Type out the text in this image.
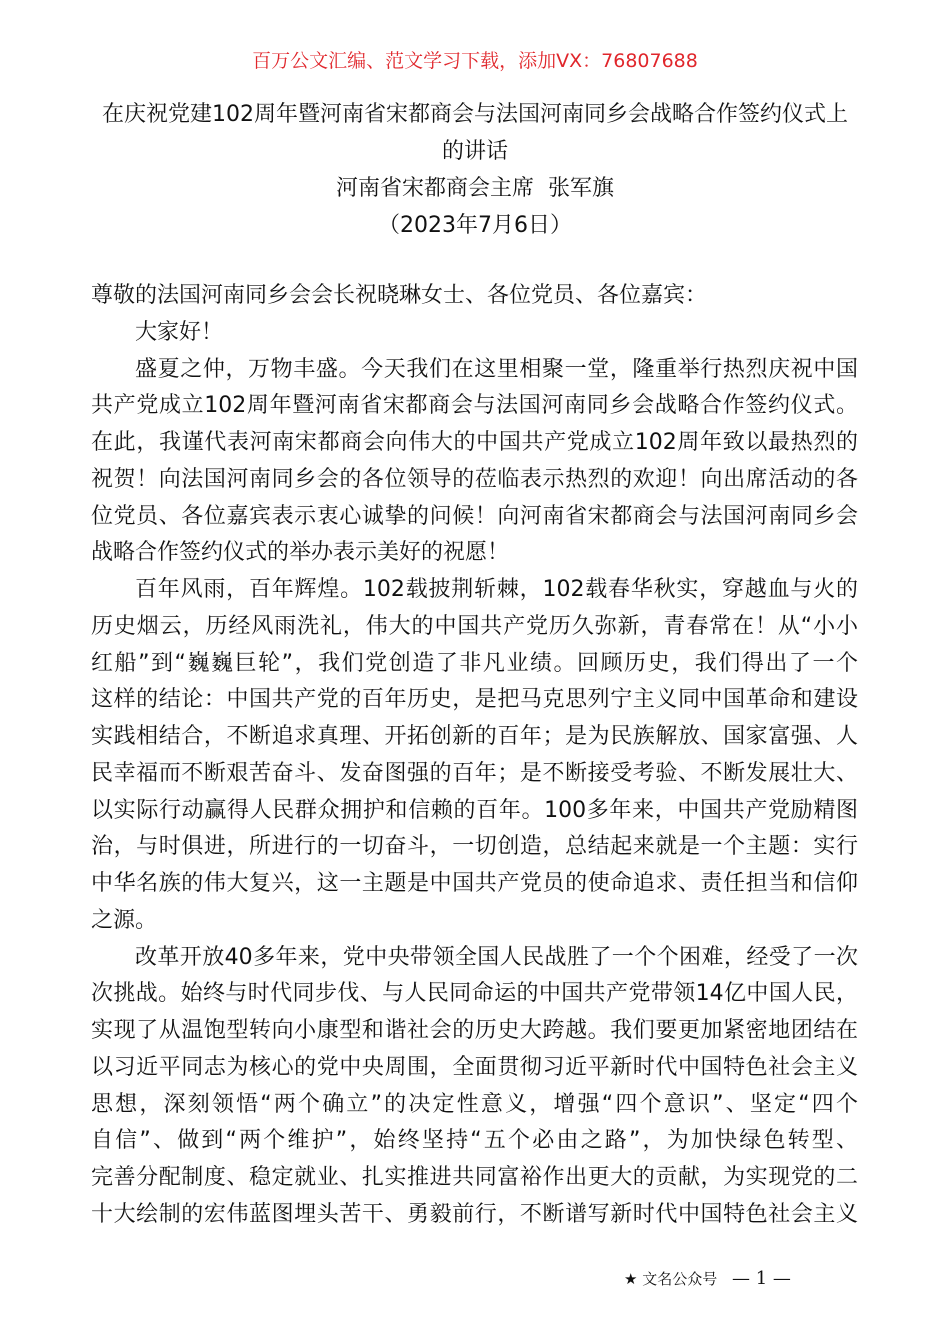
百万公文汇编、范文学习下载，添加VX：76807688
在庆祝党建102周年暨河南省宋都商会与法国河南同乡会战略合作签约仪式上
的讲话
河南省宋都商会主席  张军旗
（2023年7月6日）
尊敬的法国河南同乡会会长祝晓琳女士、各位党员、各位嘉宾：
大家好！
盛夏之仲，万物丰盛。今天我们在这里相聚一堂，隆重举行热烈庆祝中国
共产党成立102周年暨河南省宋都商会与法国河南同乡会战略合作签约仪式。
在此，我谨代表河南宋都商会向伟大的中国共产党成立102周年致以最热烈的
祝贺！向法国河南同乡会的各位领导的莅临表示热烈的欢迎！向出席活动的各
位党员、各位嘉宾表示衷心诚挚的问候！向河南省宋都商会与法国河南同乡会
战略合作签约仪式的举办表示美好的祝愿！
百年风雨，百年辉煌。102载披荆斩棘，102载春华秋实，穿越血与火的
历史烟云，历经风雨洗礼，伟大的中国共产党历久弥新，青春常在！从“小小
红船”到“巍巍巨轮”，我们党创造了非凡业绩。回顾历史，我们得出了一个
这样的结论：中国共产党的百年历史，是把马克思列宁主义同中国革命和建设
实践相结合，不断追求真理、开拓创新的百年；是为民族解放、国家富强、人
民幸福而不断艰苦奋斗、发奋图强的百年；是不断接受考验、不断发展壮大、
以实际行动赢得人民群众拥护和信赖的百年。100多年来，中国共产党励精图
治，与时俱进，所进行的一切奋斗，一切创造，总结起来就是一个主题：实行
中华名族的伟大复兴，这一主题是中国共产党员的使命追求、责任担当和信仰
之源。
改革开放40多年来，党中央带领全国人民战胜了一个个困难，经受了一次
次挑战。始终与时代同步伐、与人民同命运的中国共产党带领14亿中国人民，
实现了从温饱型转向小康型和谐社会的历史大跨越。我们要更加紧密地团结在
以习近平同志为核心的党中央周围，全面贯彻习近平新时代中国特色社会主义
思想，深刻领悟“两个确立”的决定性意义，增强“四个意识”、坚定“四个
自信”、做到“两个维护”，始终坚持“五个必由之路”，为加快绿色转型、
完善分配制度、稳定就业、扎实推进共同富裕作出更大的贡献，为实现党的二
十大绘制的宏伟蓝图埋头苦干、勇毅前行，不断谱写新时代中国特色社会主义
★ 文名公众号 — 1 —
